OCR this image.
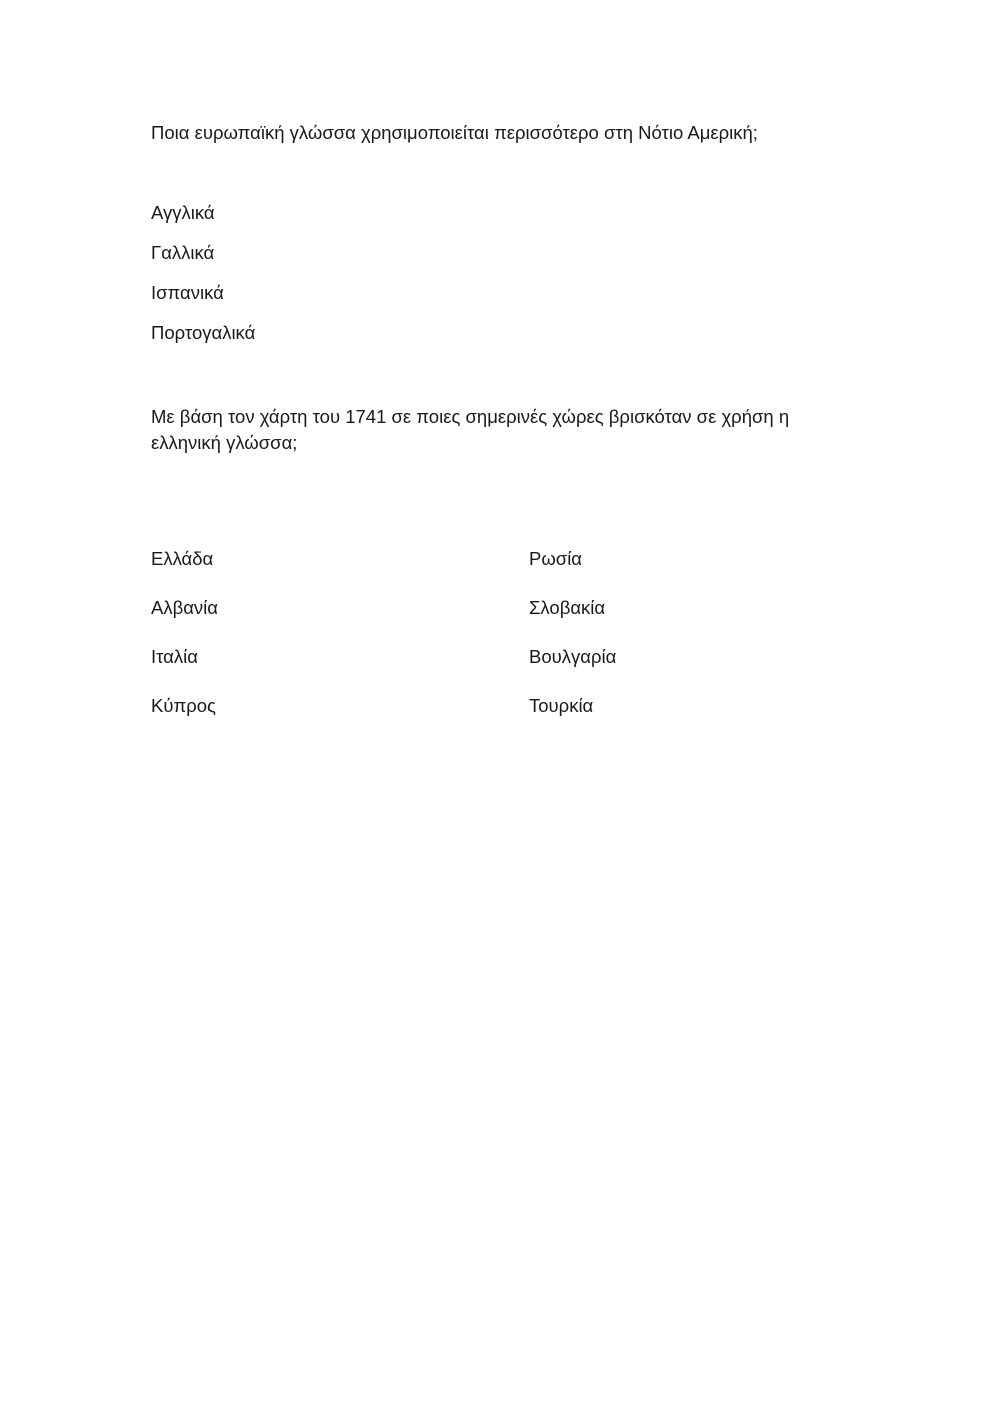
Ποια ευρωπαϊκή γλώσσα χρησιμοποιείται περισσότερο στη Νότιο Αμερική;
Αγγλικά
Γαλλικά
Ισπανικά
Πορτογαλικά
Με βάση τον χάρτη του 1741 σε ποιες σημερινές χώρες βρισκόταν σε χρήση η
ελληνική γλώσσα;
Ελλάδα
Αλβανία
Ιταλία
Κύπρος
Ρωσία
Σλοβακία
Βουλγαρία
Τουρκία
